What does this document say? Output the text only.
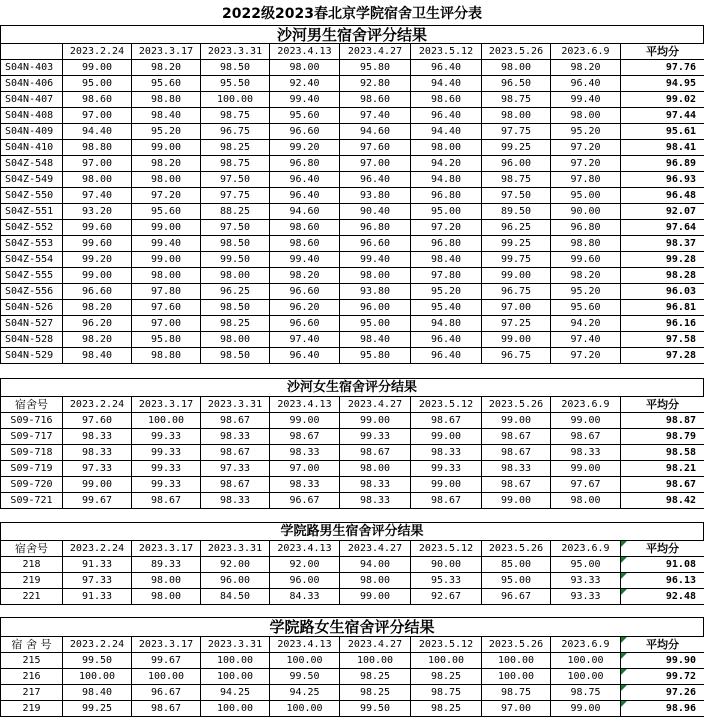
2022级2023春北京学院宿舍卫生评分表
沙河男生宿舍评分结果
	2023.2.24	2023.3.17	2023.3.31	2023.4.13	2023.4.27	2023.5.12	2023.5.26	2023.6.9	平均分
S04N-403	99.00	98.20	98.50	98.00	95.80	96.40	98.00	98.20	97.76
S04N-406	95.00	95.60	95.50	92.40	92.80	94.40	96.50	96.40	94.95
S04N-407	98.60	98.80	100.00	99.40	98.60	98.60	98.75	99.40	99.02
S04N-408	97.00	98.40	98.75	95.60	97.40	96.40	98.00	98.00	97.44
S04N-409	94.40	95.20	96.75	96.60	94.60	94.40	97.75	95.20	95.61
S04N-410	98.80	99.00	98.25	99.20	97.60	98.00	99.25	97.20	98.41
S04Z-548	97.00	98.20	98.75	96.80	97.00	94.20	96.00	97.20	96.89
S04Z-549	98.00	98.00	97.50	96.40	96.40	94.80	98.75	97.80	96.93
S04Z-550	97.40	97.20	97.75	96.40	93.80	96.80	97.50	95.00	96.48
S04Z-551	93.20	95.60	88.25	94.60	90.40	95.00	89.50	90.00	92.07
S04Z-552	99.60	99.00	97.50	98.60	96.80	97.20	96.25	96.80	97.64
S04Z-553	99.60	99.40	98.50	98.60	96.60	96.80	99.25	98.80	98.37
S04Z-554	99.20	99.00	99.50	99.40	99.40	98.40	99.75	99.60	99.28
S04Z-555	99.00	98.00	98.00	98.20	98.00	97.80	99.00	98.20	98.28
S04Z-556	96.60	97.80	96.25	96.60	93.80	95.20	96.75	95.20	96.03
S04N-526	98.20	97.60	98.50	96.20	96.00	95.40	97.00	95.60	96.81
S04N-527	96.20	97.00	98.25	96.60	95.00	94.80	97.25	94.20	96.16
S04N-528	98.20	95.80	98.00	97.40	98.40	96.40	99.00	97.40	97.58
S04N-529	98.40	98.80	98.50	96.40	95.80	96.40	96.75	97.20	97.28
沙河女生宿舍评分结果
宿舍号	2023.2.24	2023.3.17	2023.3.31	2023.4.13	2023.4.27	2023.5.12	2023.5.26	2023.6.9	平均分
S09-716	97.60	100.00	98.67	99.00	99.00	98.67	99.00	99.00	98.87
S09-717	98.33	99.33	98.33	98.67	99.33	99.00	98.67	98.67	98.79
S09-718	98.33	99.33	98.67	98.33	98.67	98.33	98.67	98.33	98.58
S09-719	97.33	99.33	97.33	97.00	98.00	99.33	98.33	99.00	98.21
S09-720	99.00	99.33	98.67	98.33	98.33	99.00	98.67	97.67	98.67
S09-721	99.67	98.67	98.33	96.67	98.33	98.67	99.00	98.00	98.42
学院路男生宿舍评分结果
宿舍号	2023.2.24	2023.3.17	2023.3.31	2023.4.13	2023.4.27	2023.5.12	2023.5.26	2023.6.9	平均分
218	91.33	89.33	92.00	92.00	94.00	90.00	85.00	95.00	91.08
219	97.33	98.00	96.00	96.00	98.00	95.33	95.00	93.33	96.13
221	91.33	98.00	84.50	84.33	99.00	92.67	96.67	93.33	92.48
学院路女生宿舍评分结果
宿 舍 号	2023.2.24	2023.3.17	2023.3.31	2023.4.13	2023.4.27	2023.5.12	2023.5.26	2023.6.9	平均分
215	99.50	99.67	100.00	100.00	100.00	100.00	100.00	100.00	99.90
216	100.00	100.00	100.00	99.50	98.25	98.25	100.00	100.00	99.72
217	98.40	96.67	94.25	94.25	98.25	98.75	98.75	98.75	97.26
219	99.25	98.67	100.00	100.00	99.50	98.25	97.00	99.00	98.96
